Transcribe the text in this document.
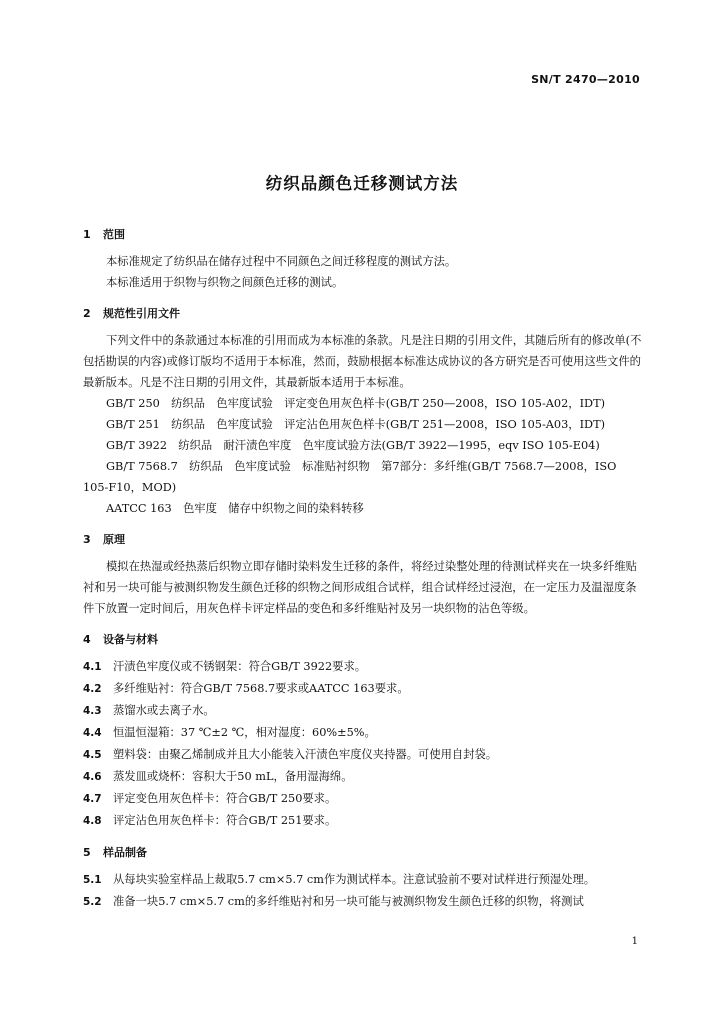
SN/T 2470—2010
纺织品颜色迁移测试方法
1 范围

本标准规定了纺织品在储存过程中不同颜色之间迁移程度的测试方法。

本标准适用于织物与织物之间颜色迁移的测试。

2 规范性引用文件

下列文件中的条款通过本标准的引用而成为本标准的条款。凡是注日期的引用文件，其随后所有的修改单(不包括勘误的内容)或修订版均不适用于本标准，然而，鼓励根据本标准达成协议的各方研究是否可使用这些文件的最新版本。凡是不注日期的引用文件，其最新版本适用于本标准。

GB/T 250　纺织品　色牢度试验　评定变色用灰色样卡(GB/T 250—2008，ISO 105-A02，IDT)

GB/T 251　纺织品　色牢度试验　评定沾色用灰色样卡(GB/T 251—2008，ISO 105-A03，IDT)

GB/T 3922　纺织品　耐汗渍色牢度　色牢度试验方法(GB/T 3922—1995，eqv ISO 105-E04)

GB/T 7568.7　纺织品　色牢度试验　标准贴衬织物　第7部分：多纤维(GB/T 7568.7—2008，ISO 105-F10，MOD)

AATCC 163　色牢度　储存中织物之间的染料转移

3 原理

模拟在热湿或经热蒸后织物立即存储时染料发生迁移的条件，将经过染整处理的待测试样夹在一块多纤维贴衬和另一块可能与被测织物发生颜色迁移的织物之间形成组合试样，组合试样经过浸泡，在一定压力及温湿度条件下放置一定时间后，用灰色样卡评定样品的变色和多纤维贴衬及另一块织物的沾色等级。

4 设备与材料

4.1 汗渍色牢度仪或不锈钢架：符合GB/T 3922要求。

4.2 多纤维贴衬：符合GB/T 7568.7要求或AATCC 163要求。

4.3 蒸馏水或去离子水。

4.4 恒温恒湿箱：37 ℃±2 ℃，相对湿度：60%±5%。

4.5 塑料袋：由聚乙烯制成并且大小能装入汗渍色牢度仪夹持器。可使用自封袋。

4.6 蒸发皿或烧杯：容积大于50 mL，备用湿海绵。

4.7 评定变色用灰色样卡：符合GB/T 250要求。

4.8 评定沾色用灰色样卡：符合GB/T 251要求。

5 样品制备

5.1 从每块实验室样品上裁取5.7 cm×5.7 cm作为测试样本。注意试验前不要对试样进行预湿处理。

5.2 准备一块5.7 cm×5.7 cm的多纤维贴衬和另一块可能与被测织物发生颜色迁移的织物，将测试

1
